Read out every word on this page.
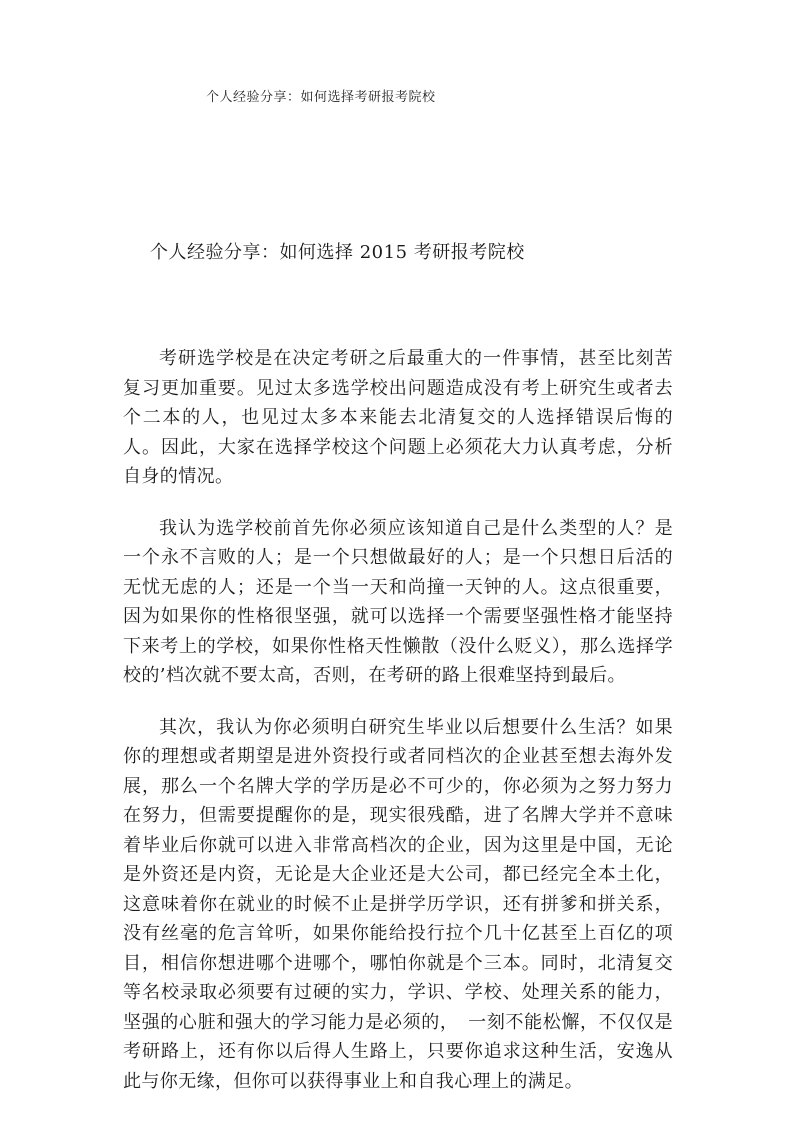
个人经验分享：如何选择考研报考院校
个人经验分享：如何选择 2015 考研报考院校

考研选学校是在决定考研之后最重大的一件事情，甚至比刻苦复习更加重要。见过太多选学校出问题造成没有考上研究生或者去个二本的人，也见过太多本来能去北清复交的人选择错误后悔的人。因此，大家在选择学校这个问题上必须花大力认真考虑，分析自身的情况。

我认为选学校前首先你必须应该知道自己是什么类型的人？是一个永不言败的人；是一个只想做最好的人；是一个只想日后活的无忧无虑的人；还是一个当一天和尚撞一天钟的人。这点很重要，因为如果你的性格很坚强，就可以选择一个需要坚强性格才能坚持下来考上的学校，如果你性格天性懒散（没什么贬义），那么选择学校的’档次就不要太高，否则，在考研的路上很难坚持到最后。

其次，我认为你必须明白研究生毕业以后想要什么生活？如果你的理想或者期望是进外资投行或者同档次的企业甚至想去海外发展，那么一个名牌大学的学历是必不可少的，你必须为之努力努力在努力，但需要提醒你的是，现实很残酷，进了名牌大学并不意味着毕业后你就可以进入非常高档次的企业，因为这里是中国，无论是外资还是内资，无论是大企业还是大公司，都已经完全本土化，这意味着你在就业的时候不止是拼学历学识，还有拼爹和拼关系，没有丝毫的危言耸听，如果你能给投行拉个几十亿甚至上百亿的项目，相信你想进哪个进哪个，哪怕你就是个三本。同时，北清复交等名校录取必须要有过硬的实力，学识、学校、处理关系的能力，坚强的心脏和强大的学习能力是必须的，　一刻不能松懈，不仅仅是考研路上，还有你以后得人生路上，只要你追求这种生活，安逸从此与你无缘，但你可以获得事业上和自我心理上的满足。
